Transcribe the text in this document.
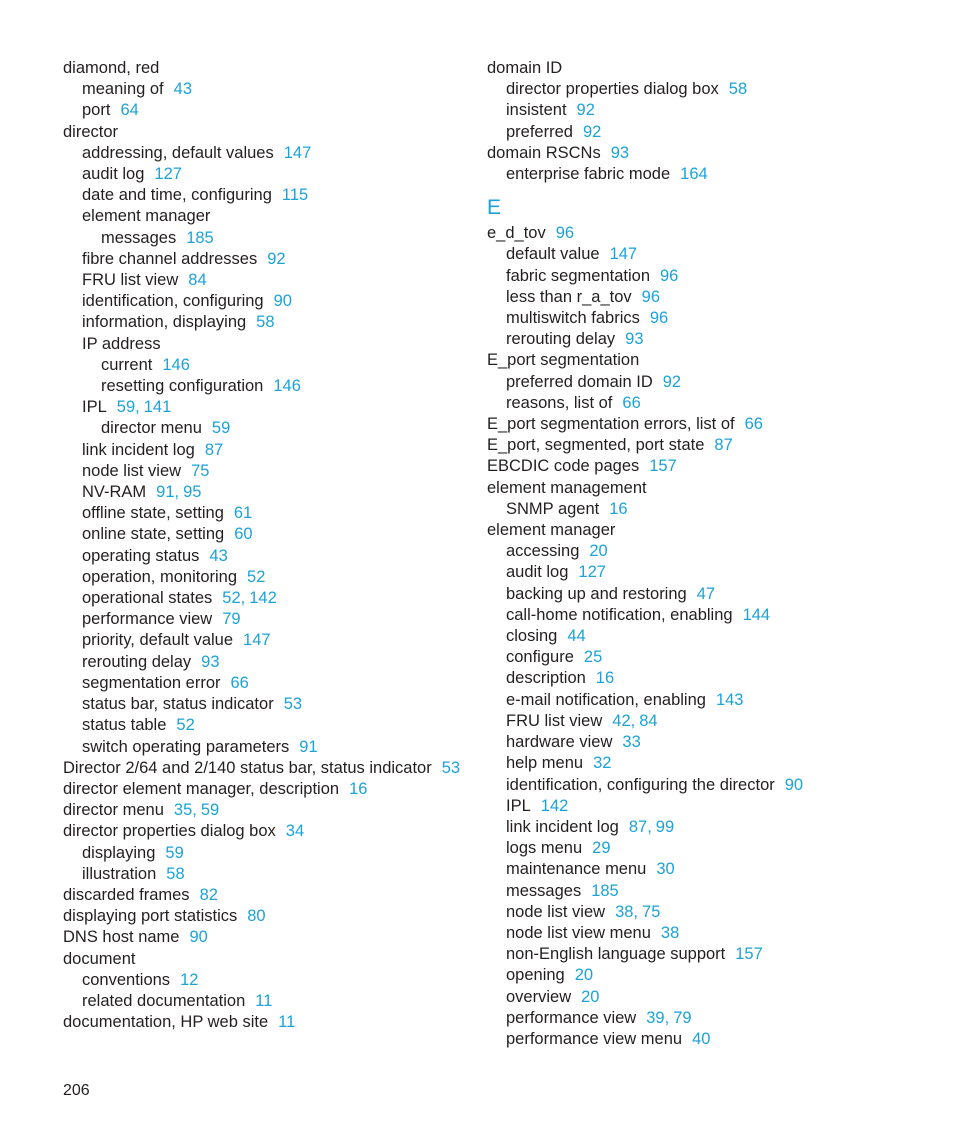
diamond, red
meaning of 43
port 64
director
addressing, default values 147
audit log 127
date and time, configuring 115
element manager
messages 185
fibre channel addresses 92
FRU list view 84
identification, configuring 90
information, displaying 58
IP address
current 146
resetting configuration 146
IPL 59, 141
director menu 59
link incident log 87
node list view 75
NV-RAM 91, 95
offline state, setting 61
online state, setting 60
operating status 43
operation, monitoring 52
operational states 52, 142
performance view 79
priority, default value 147
rerouting delay 93
segmentation error 66
status bar, status indicator 53
status table 52
switch operating parameters 91
Director 2/64 and 2/140 status bar, status indicator 53
director element manager, description 16
director menu 35, 59
director properties dialog box 34
displaying 59
illustration 58
discarded frames 82
displaying port statistics 80
DNS host name 90
document
conventions 12
related documentation 11
documentation, HP web site 11
domain ID
director properties dialog box 58
insistent 92
preferred 92
domain RSCNs 93
enterprise fabric mode 164
E
e_d_tov 96
default value 147
fabric segmentation 96
less than r_a_tov 96
multiswitch fabrics 96
rerouting delay 93
E_port segmentation
preferred domain ID 92
reasons, list of 66
E_port segmentation errors, list of 66
E_port, segmented, port state 87
EBCDIC code pages 157
element management
SNMP agent 16
element manager
accessing 20
audit log 127
backing up and restoring 47
call-home notification, enabling 144
closing 44
configure 25
description 16
e-mail notification, enabling 143
FRU list view 42, 84
hardware view 33
help menu 32
identification, configuring the director 90
IPL 142
link incident log 87, 99
logs menu 29
maintenance menu 30
messages 185
node list view 38, 75
node list view menu 38
non-English language support 157
opening 20
overview 20
performance view 39, 79
performance view menu 40
206
